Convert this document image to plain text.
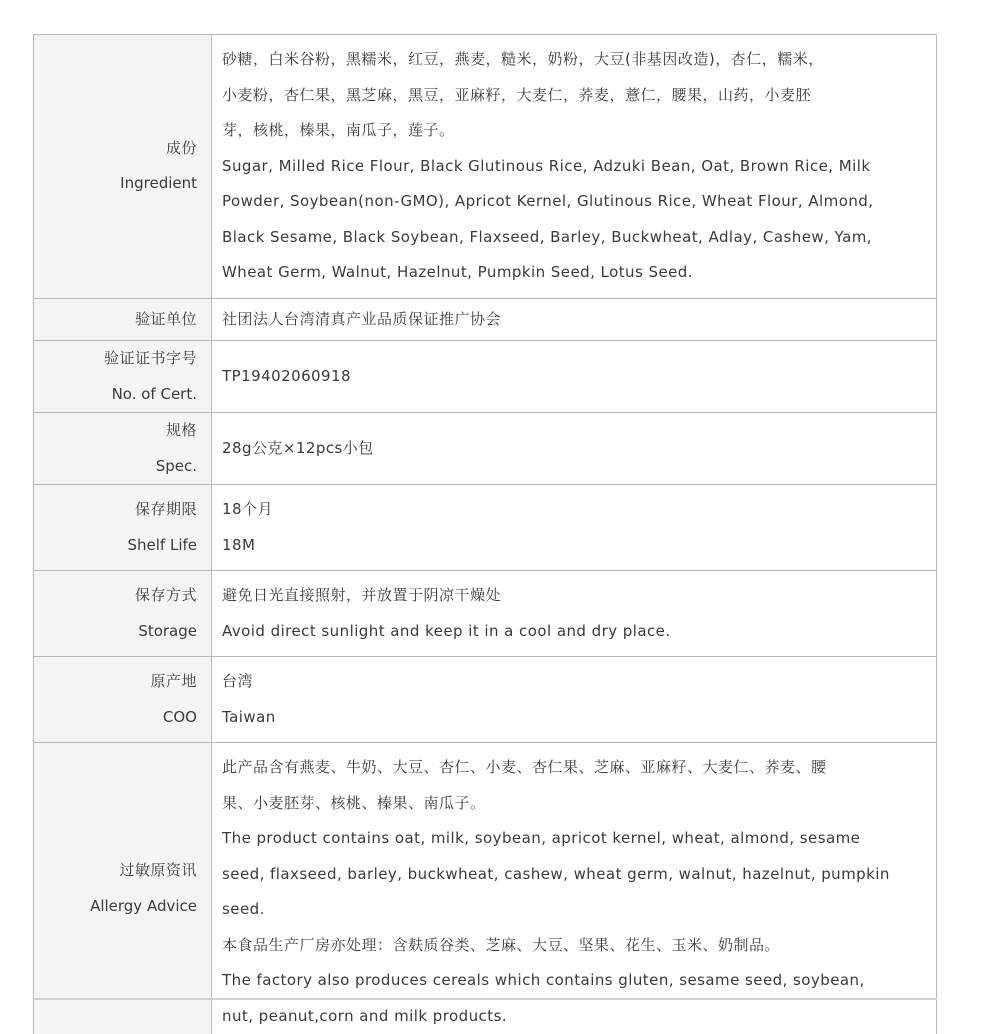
成份
Ingredient

砂糖，白米谷粉，黑糯米，红豆，燕麦，糙米，奶粉，大豆(非基因改造)，杏仁，糯米，

小麦粉，杏仁果，黑芝麻，黑豆，亚麻籽，大麦仁，荞麦，薏仁，腰果，山药，小麦胚

芽，核桃，榛果，南瓜子，莲子。

Sugar, Milled Rice Flour, Black Glutinous Rice, Adzuki Bean, Oat, Brown Rice, Milk

Powder, Soybean(non-GMO), Apricot Kernel, Glutinous Rice, Wheat Flour, Almond,

Black Sesame, Black Soybean, Flaxseed, Barley, Buckwheat, Adlay, Cashew, Yam,

Wheat Germ, Walnut, Hazelnut, Pumpkin Seed, Lotus Seed.

验证单位 社团法人台湾清真产业品质保证推广协会

验证证书字号
No. of Cert.

TP19402060918

规格
Spec.

28g公克×12pcs小包

保存期限
Shelf Life

18个月

18M

保存方式
Storage

避免日光直接照射，并放置于阴凉干燥处

Avoid direct sunlight and keep it in a cool and dry place.

原产地
COO

台湾

Taiwan

过敏原资讯
Allergy Advice

此产品含有燕麦、牛奶、大豆、杏仁、小麦、杏仁果、芝麻、亚麻籽、大麦仁、荞麦、腰

果、小麦胚芽、核桃、榛果、南瓜子。

The product contains oat, milk, soybean, apricot kernel, wheat, almond, sesame

seed, flaxseed, barley, buckwheat, cashew, wheat germ, walnut, hazelnut, pumpkin

seed.

本食品生产厂房亦处理：含麸质谷类、芝麻、大豆、坚果、花生、玉米、奶制品。

The factory also produces cereals which contains gluten, sesame seed, soybean,

nut, peanut,corn and milk products.
